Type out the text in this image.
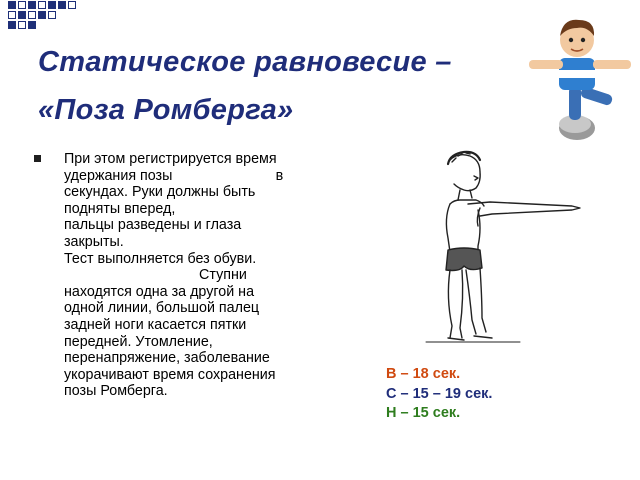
Статическое равновесие –
«Поза Ромберга»
При этом регистрируется время
удержания позы                          в
секундах. Руки должны быть
подняты вперед,
пальцы разведены и глаза
закрыты.
Тест выполняется без обуви.
Ступни
находятся одна за другой на
одной линии, большой палец
задней ноги касается пятки
передней. Утомление,
перенапряжение, заболевание
укорачивают время сохранения
позы Ромберга.
В – 18 сек.
С – 15 – 19 сек.
Н – 15 сек.
